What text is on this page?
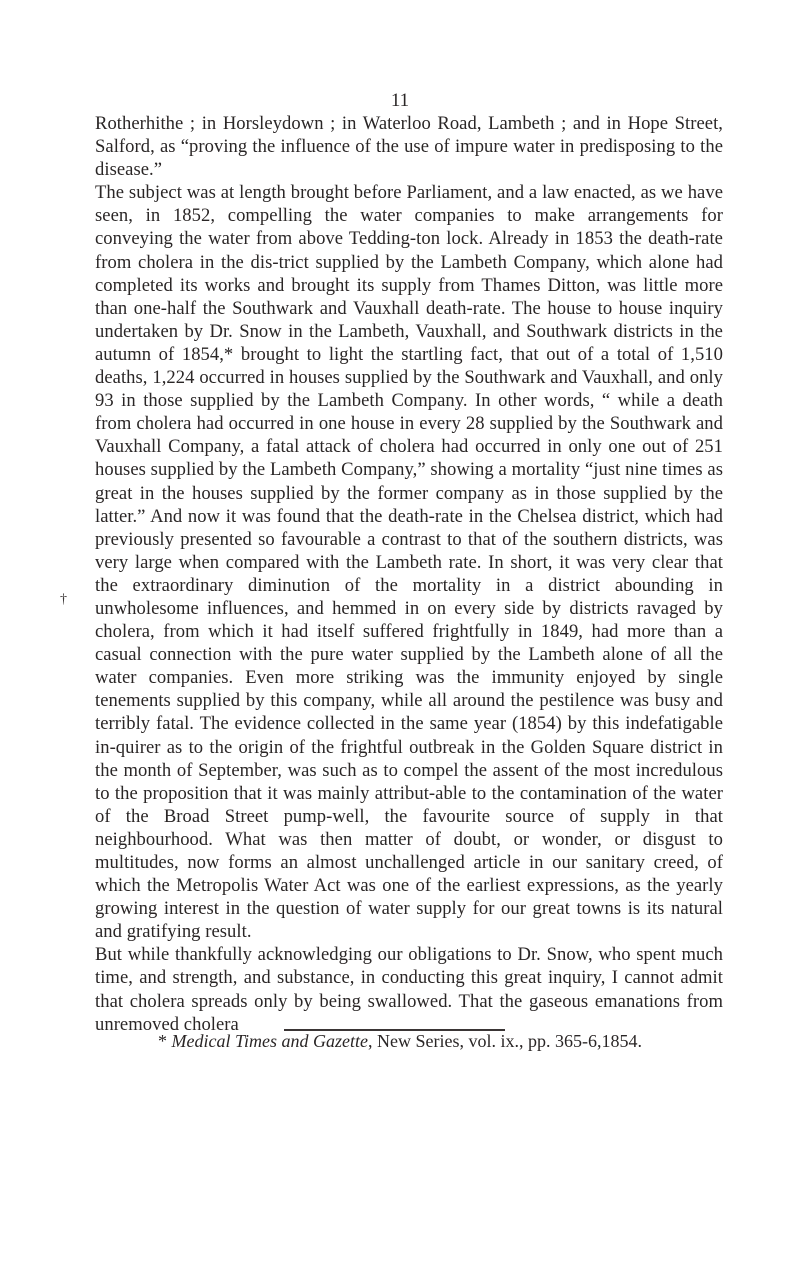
11
†

Rotherhithe ; in Horsleydown ; in Waterloo Road, Lambeth ; and in Hope Street, Salford, as “proving the influence of the use of impure water in predisposing to the disease.”

The subject was at length brought before Parliament, and a law enacted, as we have seen, in 1852, compelling the water companies to make arrangements for conveying the water from above Tedding-ton lock. Already in 1853 the death-rate from cholera in the dis-trict supplied by the Lambeth Company, which alone had completed its works and brought its supply from Thames Ditton, was little more than one-half the Southwark and Vauxhall death-rate. The house to house inquiry undertaken by Dr. Snow in the Lambeth, Vauxhall, and Southwark districts in the autumn of 1854,* brought to light the startling fact, that out of a total of 1,510 deaths, 1,224 occurred in houses supplied by the Southwark and Vauxhall, and only 93 in those supplied by the Lambeth Company. In other words, “ while a death from cholera had occurred in one house in every 28 supplied by the Southwark and Vauxhall Company, a fatal attack of cholera had occurred in only one out of 251 houses supplied by the Lambeth Company,” showing a mortality “just nine times as great in the houses supplied by the former company as in those supplied by the latter.” And now it was found that the death-rate in the Chelsea district, which had previously presented so favourable a contrast to that of the southern districts, was very large when compared with the Lambeth rate. In short, it was very clear that the extraordinary diminution of the mortality in a district abounding in unwholesome influences, and hemmed in on every side by districts ravaged by cholera, from which it had itself suffered frightfully in 1849, had more than a casual connection with the pure water supplied by the Lambeth alone of all the water companies. Even more striking was the immunity enjoyed by single tenements supplied by this company, while all around the pestilence was busy and terribly fatal. The evidence collected in the same year (1854) by this indefatigable in-quirer as to the origin of the frightful outbreak in the Golden Square district in the month of September, was such as to compel the assent of the most incredulous to the proposition that it was mainly attribut-able to the contamination of the water of the Broad Street pump-well, the favourite source of supply in that neighbourhood. What was then matter of doubt, or wonder, or disgust to multitudes, now forms an almost unchallenged article in our sanitary creed, of which the Metropolis Water Act was one of the earliest expressions, as the yearly growing interest in the question of water supply for our great towns is its natural and gratifying result.

But while thankfully acknowledging our obligations to Dr. Snow, who spent much time, and strength, and substance, in conducting this great inquiry, I cannot admit that cholera spreads only by being swallowed. That the gaseous emanations from unremoved cholera

* Medical Times and Gazette, New Series, vol. ix., pp. 365-6,1854.
